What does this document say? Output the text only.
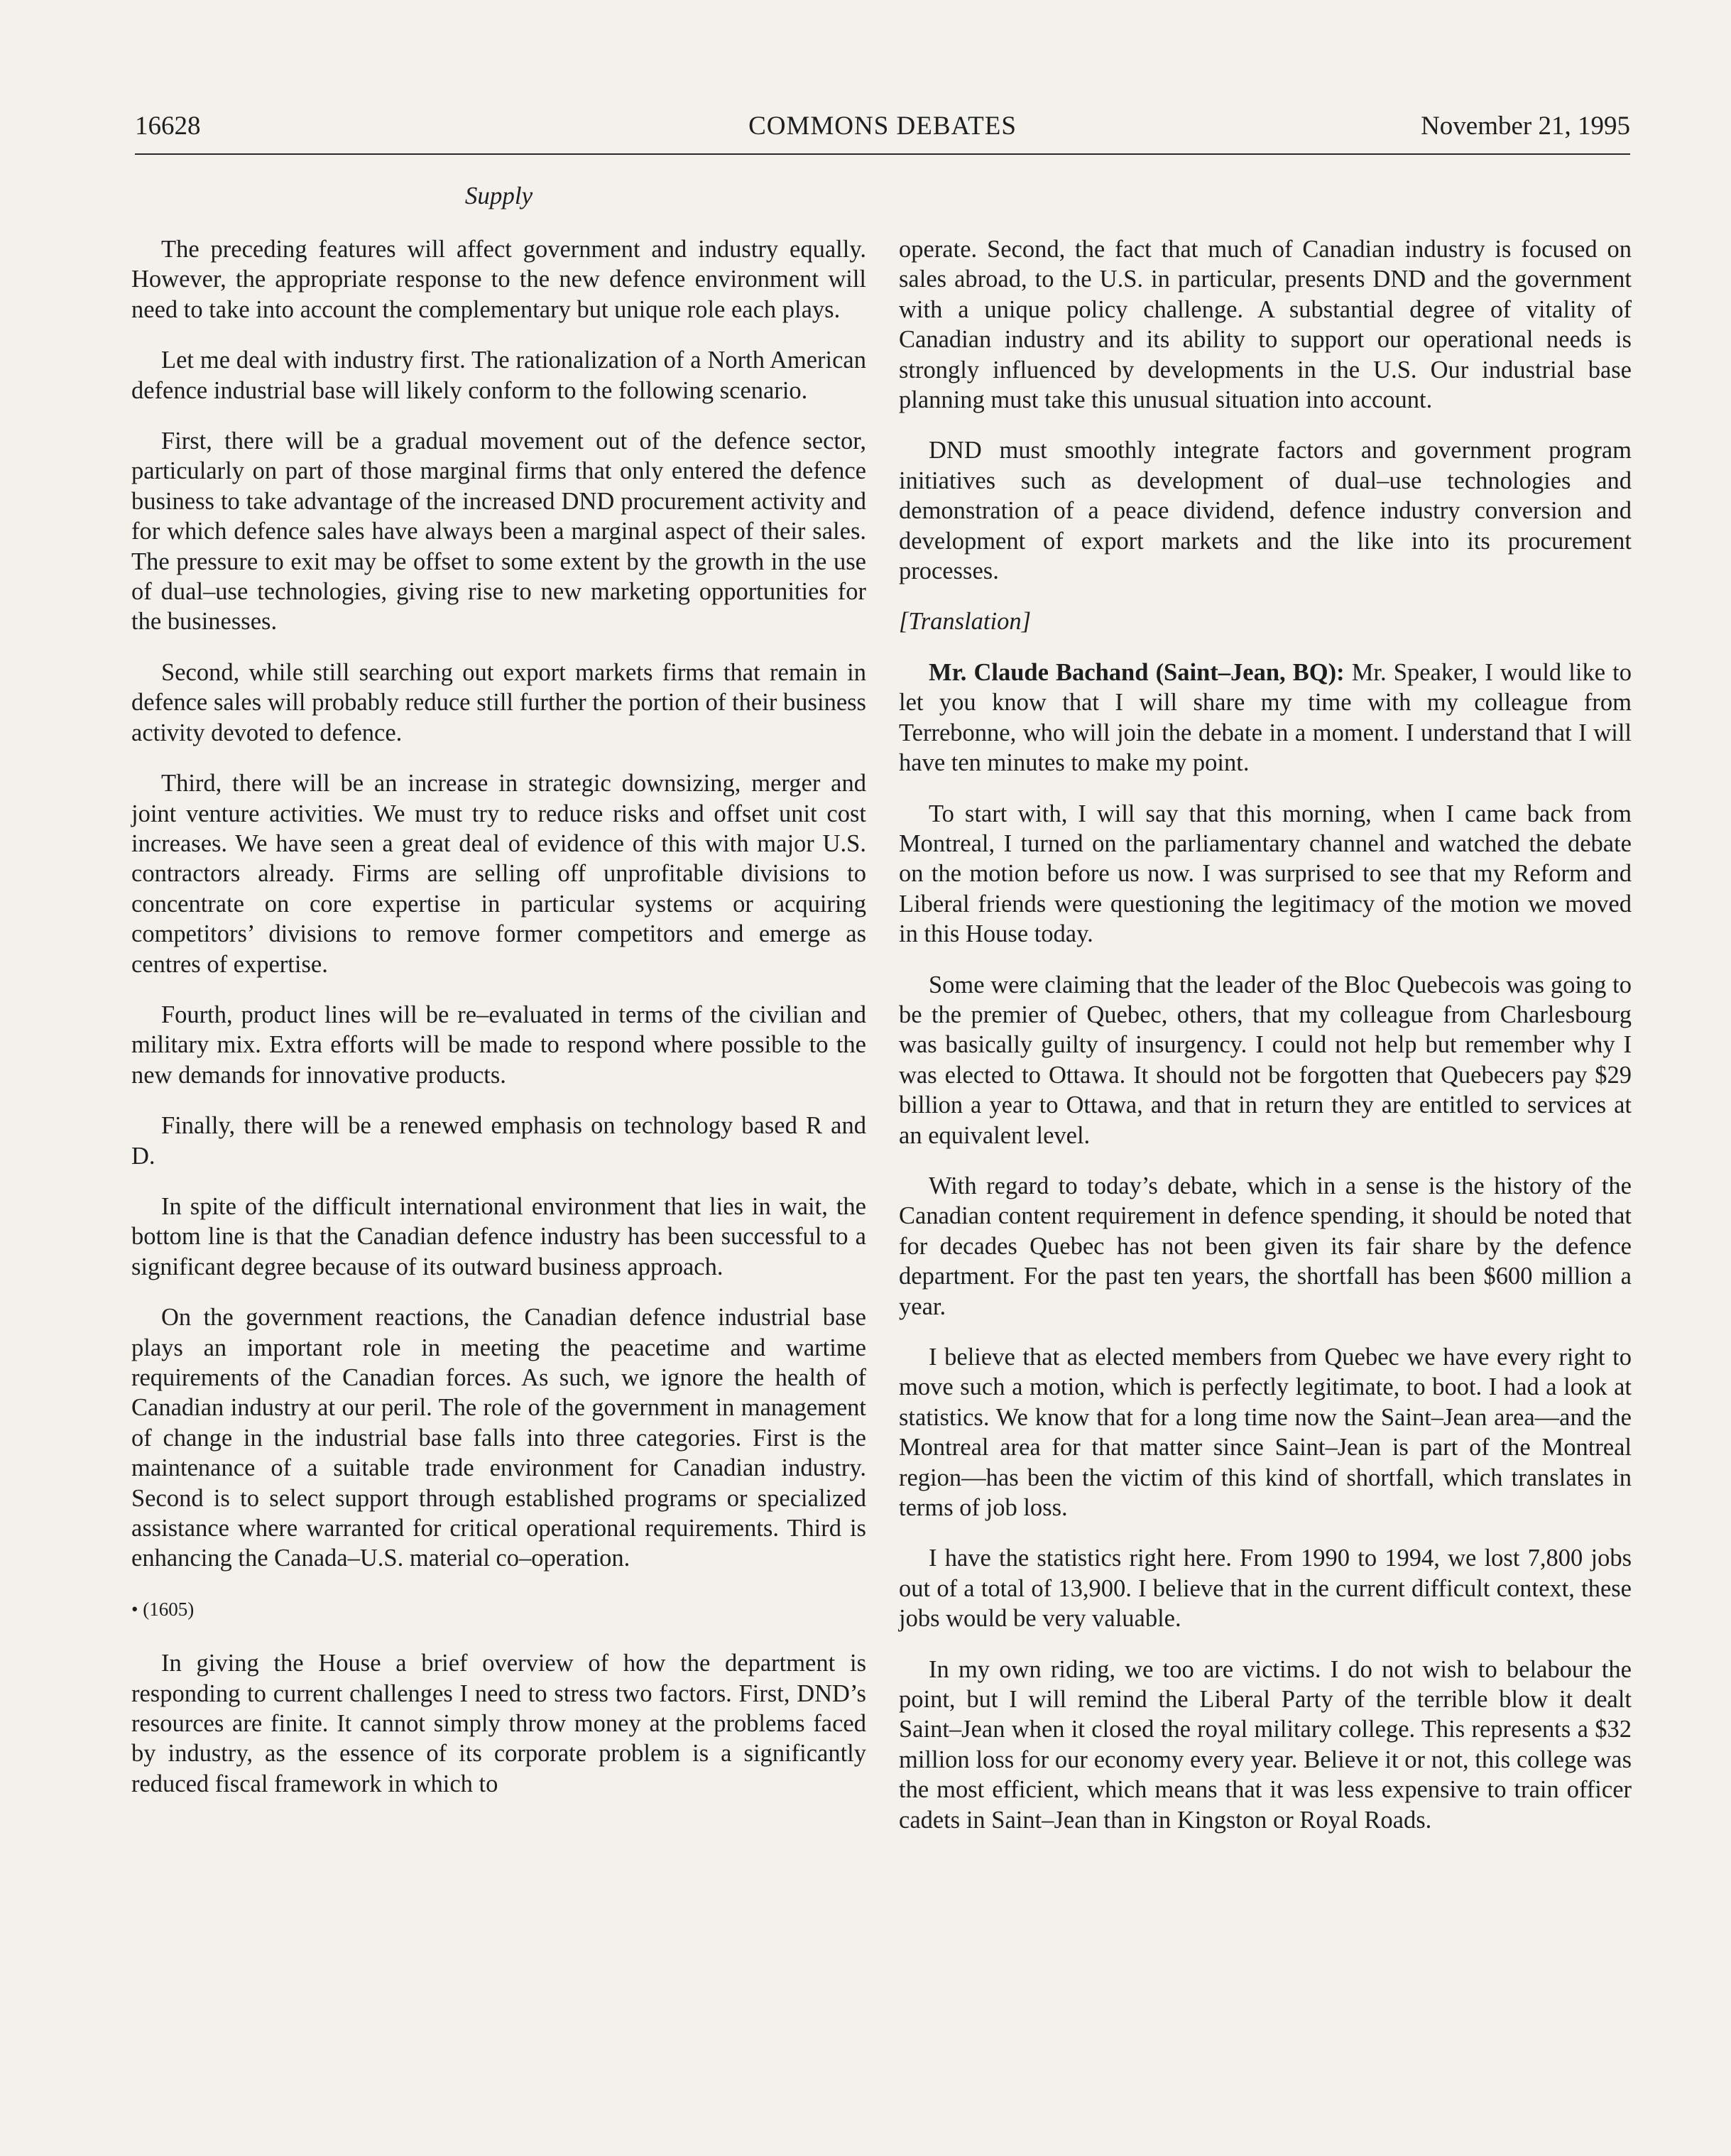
16628	COMMONS DEBATES	November 21, 1995
Supply

The preceding features will affect government and industry equally. However, the appropriate response to the new defence environment will need to take into account the complementary but unique role each plays.

Let me deal with industry first. The rationalization of a North American defence industrial base will likely conform to the following scenario.

First, there will be a gradual movement out of the defence sector, particularly on part of those marginal firms that only entered the defence business to take advantage of the increased DND procurement activity and for which defence sales have always been a marginal aspect of their sales. The pressure to exit may be offset to some extent by the growth in the use of dual–use technologies, giving rise to new marketing opportunities for the businesses.

Second, while still searching out export markets firms that remain in defence sales will probably reduce still further the portion of their business activity devoted to defence.

Third, there will be an increase in strategic downsizing, merger and joint venture activities. We must try to reduce risks and offset unit cost increases. We have seen a great deal of evidence of this with major U.S. contractors already. Firms are selling off unprofitable divisions to concentrate on core expertise in particular systems or acquiring competitors’ divisions to remove former competitors and emerge as centres of expertise.

Fourth, product lines will be re–evaluated in terms of the civilian and military mix. Extra efforts will be made to respond where possible to the new demands for innovative products.

Finally, there will be a renewed emphasis on technology based R and D.

In spite of the difficult international environment that lies in wait, the bottom line is that the Canadian defence industry has been successful to a significant degree because of its outward business approach.

On the government reactions, the Canadian defence industrial base plays an important role in meeting the peacetime and wartime requirements of the Canadian forces. As such, we ignore the health of Canadian industry at our peril. The role of the government in management of change in the industrial base falls into three categories. First is the maintenance of a suitable trade environment for Canadian industry. Second is to select support through established programs or specialized assistance where warranted for critical operational requirements. Third is enhancing the Canada–U.S. material co–operation.

• (1605)

In giving the House a brief overview of how the department is responding to current challenges I need to stress two factors. First, DND’s resources are finite. It cannot simply throw money at the problems faced by industry, as the essence of its corporate problem is a significantly reduced fiscal framework in which to

operate. Second, the fact that much of Canadian industry is focused on sales abroad, to the U.S. in particular, presents DND and the government with a unique policy challenge. A substantial degree of vitality of Canadian industry and its ability to support our operational needs is strongly influenced by developments in the U.S. Our industrial base planning must take this unusual situation into account.

DND must smoothly integrate factors and government program initiatives such as development of dual–use technologies and demonstration of a peace dividend, defence industry conversion and development of export markets and the like into its procurement processes.

[Translation]

Mr. Claude Bachand (Saint–Jean, BQ): Mr. Speaker, I would like to let you know that I will share my time with my colleague from Terrebonne, who will join the debate in a moment. I understand that I will have ten minutes to make my point.

To start with, I will say that this morning, when I came back from Montreal, I turned on the parliamentary channel and watched the debate on the motion before us now. I was surprised to see that my Reform and Liberal friends were questioning the legitimacy of the motion we moved in this House today.

Some were claiming that the leader of the Bloc Quebecois was going to be the premier of Quebec, others, that my colleague from Charlesbourg was basically guilty of insurgency. I could not help but remember why I was elected to Ottawa. It should not be forgotten that Quebecers pay $29 billion a year to Ottawa, and that in return they are entitled to services at an equivalent level.

With regard to today’s debate, which in a sense is the history of the Canadian content requirement in defence spending, it should be noted that for decades Quebec has not been given its fair share by the defence department. For the past ten years, the shortfall has been $600 million a year.

I believe that as elected members from Quebec we have every right to move such a motion, which is perfectly legitimate, to boot. I had a look at statistics. We know that for a long time now the Saint–Jean area—and the Montreal area for that matter since Saint–Jean is part of the Montreal region—has been the victim of this kind of shortfall, which translates in terms of job loss.

I have the statistics right here. From 1990 to 1994, we lost 7,800 jobs out of a total of 13,900. I believe that in the current difficult context, these jobs would be very valuable.

In my own riding, we too are victims. I do not wish to belabour the point, but I will remind the Liberal Party of the terrible blow it dealt Saint–Jean when it closed the royal military college. This represents a $32 million loss for our economy every year. Believe it or not, this college was the most efficient, which means that it was less expensive to train officer cadets in Saint–Jean than in Kingston or Royal Roads.
